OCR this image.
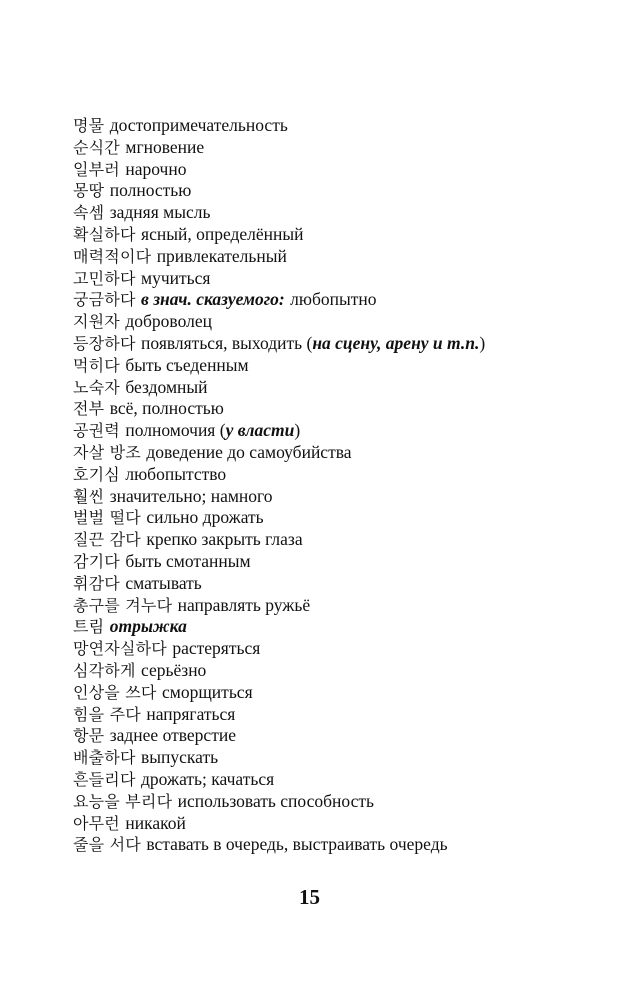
명물 достопримечательность
순식간 мгновение
일부러 нарочно
몽땅 полностью
속셈 задняя мысль
확실하다 ясный, определённый
매력적이다 привлекательный
고민하다 мучиться
궁금하다 в знач. сказуемого: любопытно
지원자 доброволец
등장하다 появляться, выходить (на сцену, арену и т.п.)
먹히다 быть съеденным
노숙자 бездомный
전부 всё, полностью
공권력 полномочия (у власти)
자살 방조 доведение до самоубийства
호기심 любопытство
훨씬 значительно; намного
벌벌 떨다 сильно дрожать
질끈 감다 крепко закрыть глаза
감기다 быть смотанным
휘감다 сматывать
총구를 겨누다 направлять ружьё
트림 отрыжка
망연자실하다 растеряться
심각하게 серьёзно
인상을 쓰다 сморщиться
힘을 주다 напрягаться
항문 заднее отверстие
배출하다 выпускать
흔들리다 дрожать; качаться
요능을 부리다 использовать способность
아무런 никакой
줄을 서다 вставать в очередь, выстраивать очередь
15
